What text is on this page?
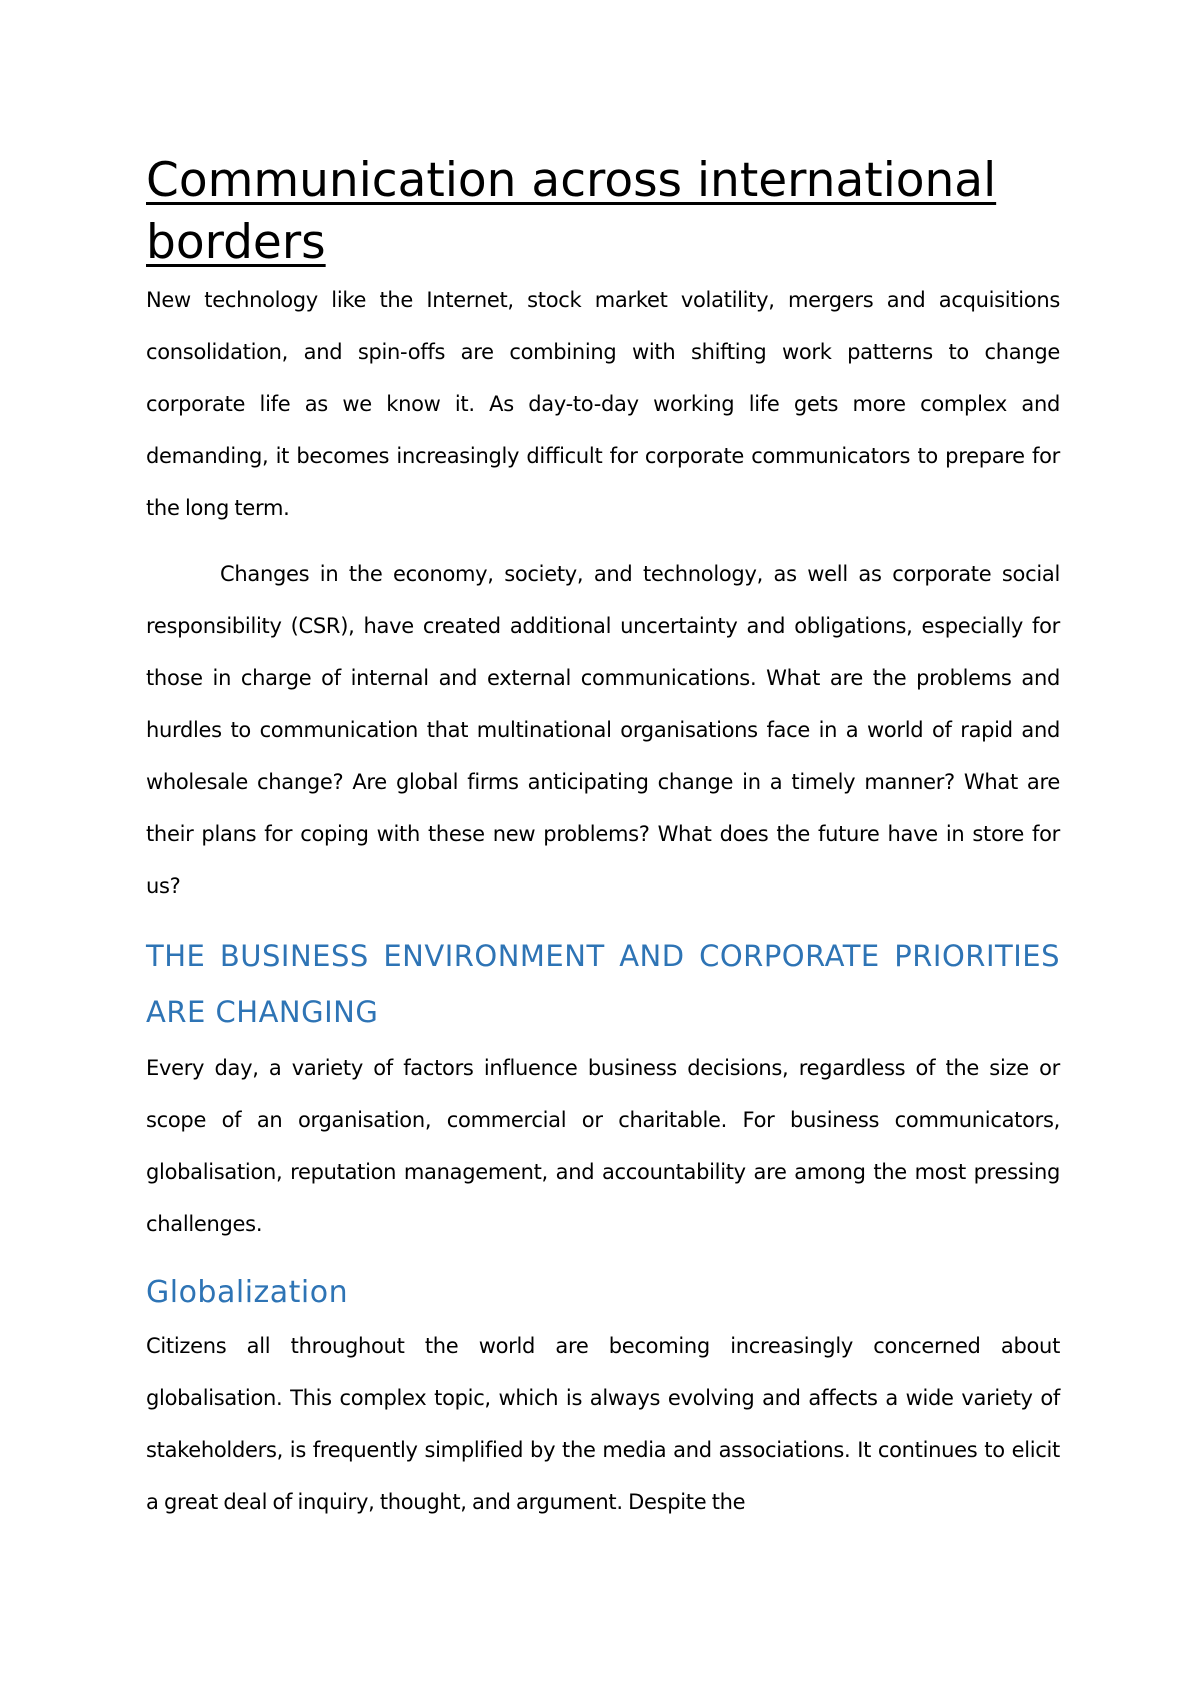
Communication across international borders

New technology like the Internet, stock market volatility, mergers and acquisitions consolidation, and spin-offs are combining with shifting work patterns to change corporate life as we know it. As day-to-day working life gets more complex and demanding, it becomes increasingly difficult for corporate communicators to prepare for the long term.

Changes in the economy, society, and technology, as well as corporate social responsibility (CSR), have created additional uncertainty and obligations, especially for those in charge of internal and external communications. What are the problems and hurdles to communication that multinational organisations face in a world of rapid and wholesale change? Are global firms anticipating change in a timely manner? What are their plans for coping with these new problems? What does the future have in store for us?

THE BUSINESS ENVIRONMENT AND CORPORATE PRIORITIES ARE CHANGING

Every day, a variety of factors influence business decisions, regardless of the size or scope of an organisation, commercial or charitable. For business communicators, globalisation, reputation management, and accountability are among the most pressing challenges.

Globalization

Citizens all throughout the world are becoming increasingly concerned about globalisation. This complex topic, which is always evolving and affects a wide variety of stakeholders, is frequently simplified by the media and associations. It continues to elicit a great deal of inquiry, thought, and argument. Despite the
